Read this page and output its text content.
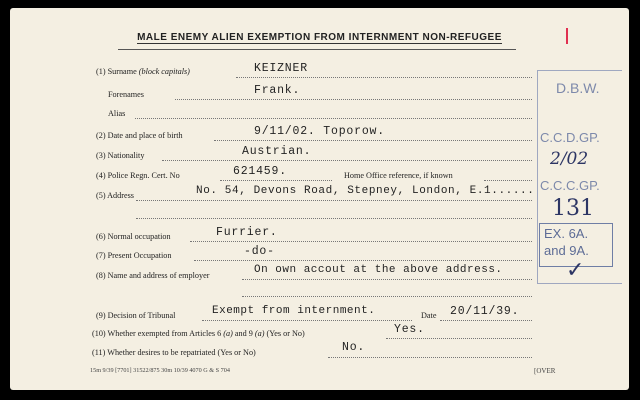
MALE ENEMY ALIEN EXEMPTION FROM INTERNMENT NON-REFUGEE
(1) Surname (block capitals)	KEIZNER
Forenames	Frank.
Alias
(2) Date and place of birth	9/11/02. Toporow.
(3) Nationality	Austrian.
(4) Police Regn. Cert. No	621459.	Home Office reference, if known
(5) Address	No. 54, Devons Road, Stepney, London, E.1......
(6) Normal occupation	Furrier.
(7) Present Occupation	-do-
(8) Name and address of employer	On own accout at the above address.
(9) Decision of Tribunal	Exempt from internment.	Date 20/11/39.
(10) Whether exempted from Articles 6 (a) and 9 (a) (Yes or No)	Yes.
(11) Whether desires to be repatriated (Yes or No)	No.
15m 9/39 [7701] 31522/875 30m 10/39 4070 G & S 704	[OVER
D.B.W.
C.C.D.GP.
2/02
C.C.C.GP.
131
EX. 6A.
and 9A.
✓
